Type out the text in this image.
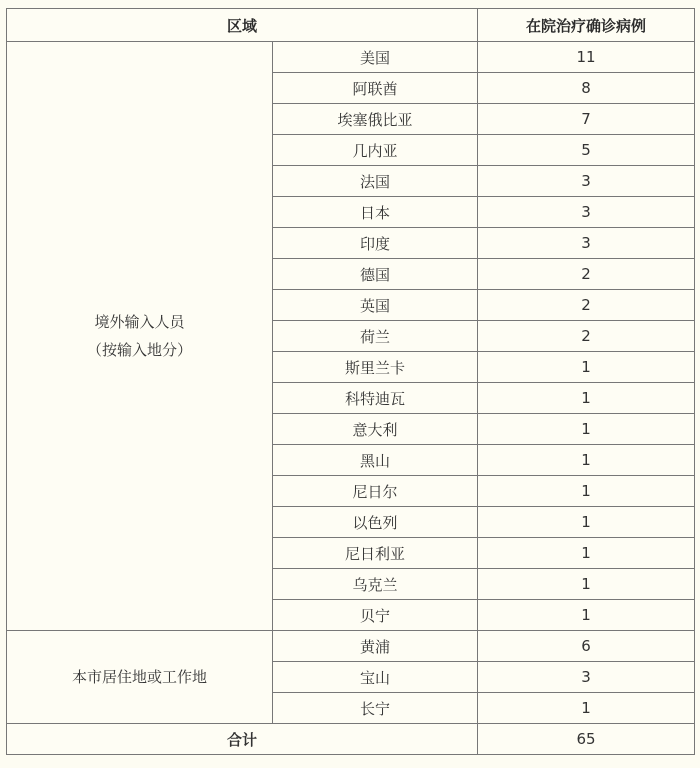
区域		在院治疗确诊病例

境外输入人员
（按输入地分）	美国	11
	阿联酋	8
	埃塞俄比亚	7
	几内亚	5
	法国	3
	日本	3
	印度	3
	德国	2
	英国	2
	荷兰	2
	斯里兰卡	1
	科特迪瓦	1
	意大利	1
	黑山	1
	尼日尔	1
	以色列	1
	尼日利亚	1
	乌克兰	1
	贝宁	1

本市居住地或工作地	黄浦	6
	宝山	3
	长宁	1
合计		65
